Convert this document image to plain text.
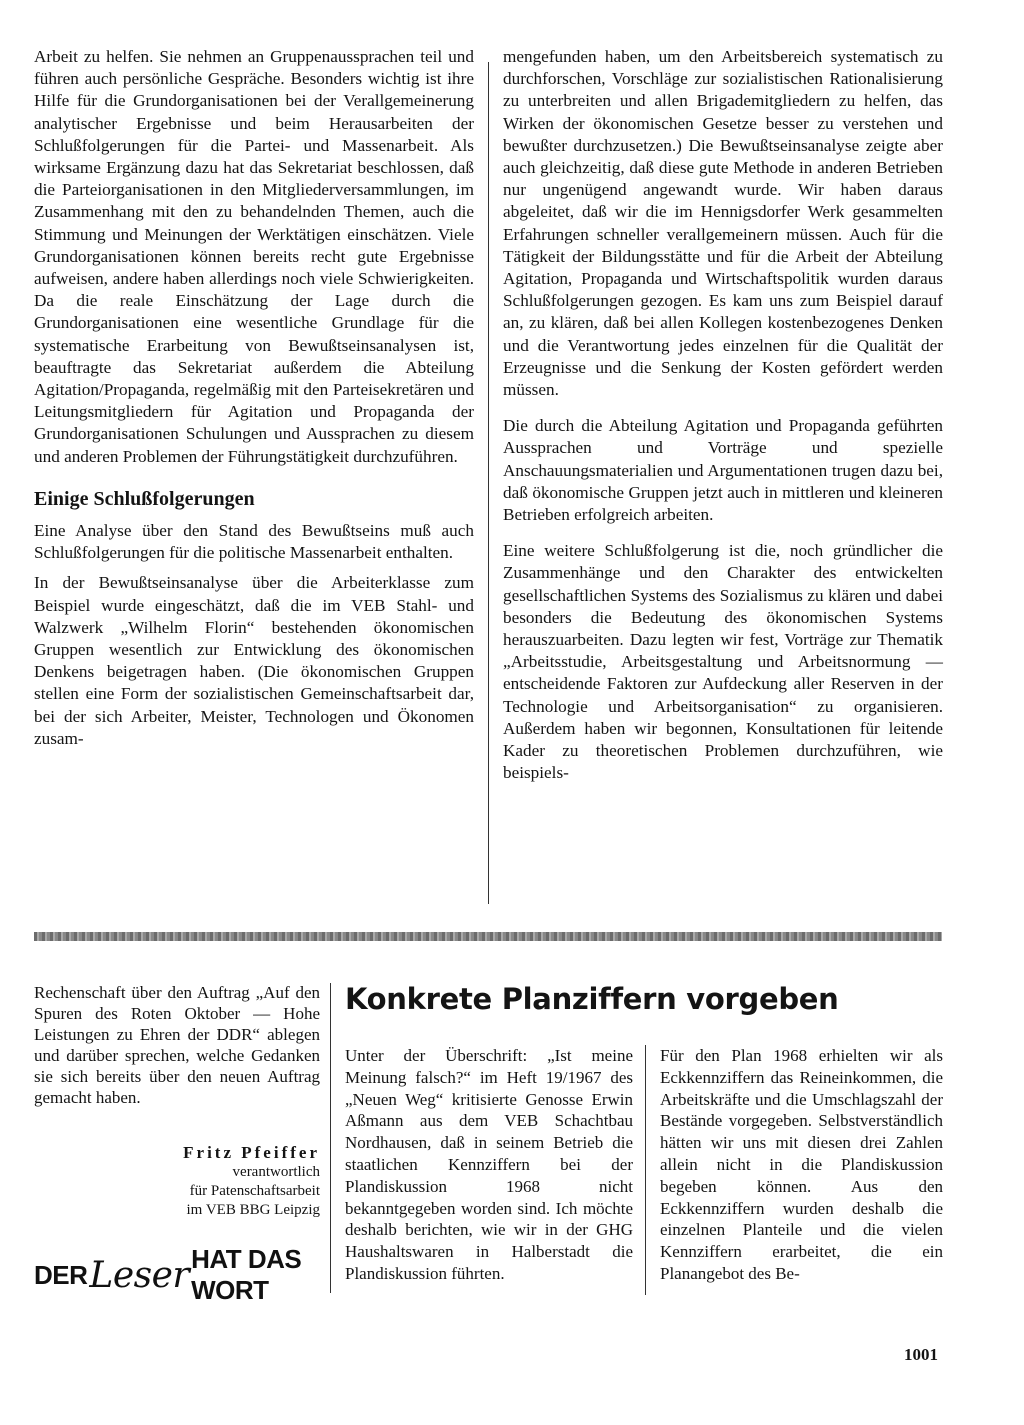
Arbeit zu helfen. Sie nehmen an Gruppenaussprachen teil und führen auch persönliche Gespräche. Besonders wichtig ist ihre Hilfe für die Grundorganisationen bei der Verallgemeinerung analytischer Ergebnisse und beim Herausarbeiten der Schlußfolgerungen für die Partei- und Massenarbeit. Als wirksame Ergänzung dazu hat das Sekretariat beschlossen, daß die Parteiorganisationen in den Mitgliederversammlungen, im Zusammenhang mit den zu behandelnden Themen, auch die Stimmung und Meinungen der Werktätigen einschätzen. Viele Grundorganisationen können bereits recht gute Ergebnisse aufweisen, andere haben allerdings noch viele Schwierigkeiten. Da die reale Einschätzung der Lage durch die Grundorganisationen eine wesentliche Grundlage für die systematische Erarbeitung von Bewußtseinsanalysen ist, beauftragte das Sekretariat außerdem die Abteilung Agitation/Propaganda, regelmäßig mit den Parteisekretären und Leitungsmitgliedern für Agitation und Propaganda der Grundorganisationen Schulungen und Aussprachen zu diesem und anderen Problemen der Führungstätigkeit durchzuführen.

Einige Schlußfolgerungen

Eine Analyse über den Stand des Bewußtseins muß auch Schlußfolgerungen für die politische Massenarbeit enthalten.

In der Bewußtseinsanalyse über die Arbeiterklasse zum Beispiel wurde eingeschätzt, daß die im VEB Stahl- und Walzwerk „Wilhelm Florin“ bestehenden ökonomischen Gruppen wesentlich zur Entwicklung des ökonomischen Denkens beigetragen haben. (Die ökonomischen Gruppen stellen eine Form der sozialistischen Gemeinschaftsarbeit dar, bei der sich Arbeiter, Meister, Technologen und Ökonomen zusam-

mengefunden haben, um den Arbeitsbereich systematisch zu durchforschen, Vorschläge zur sozialistischen Rationalisierung zu unterbreiten und allen Brigademitgliedern zu helfen, das Wirken der ökonomischen Gesetze besser zu verstehen und bewußter durchzusetzen.) Die Bewußtseinsanalyse zeigte aber auch gleichzeitig, daß diese gute Methode in anderen Betrieben nur ungenügend angewandt wurde. Wir haben daraus abgeleitet, daß wir die im Hennigsdorfer Werk gesammelten Erfahrungen schneller verallgemeinern müssen. Auch für die Tätigkeit der Bildungsstätte und für die Arbeit der Abteilung Agitation, Propaganda und Wirtschaftspolitik wurden daraus Schlußfolgerungen gezogen. Es kam uns zum Beispiel darauf an, zu klären, daß bei allen Kollegen kostenbezogenes Denken und die Verantwortung jedes einzelnen für die Qualität der Erzeugnisse und die Senkung der Kosten gefördert werden müssen.

Die durch die Abteilung Agitation und Propaganda geführten Aussprachen und Vorträge und spezielle Anschauungsmaterialien und Argumentationen trugen dazu bei, daß ökonomische Gruppen jetzt auch in mittleren und kleineren Betrieben erfolgreich arbeiten.

Eine weitere Schlußfolgerung ist die, noch gründlicher die Zusammenhänge und den Charakter des entwickelten gesellschaftlichen Systems des Sozialismus zu klären und dabei besonders die Bedeutung des ökonomischen Systems herauszuarbeiten. Dazu legten wir fest, Vorträge zur Thematik „Arbeitsstudie, Arbeitsgestaltung und Arbeitsnormung — entscheidende Faktoren zur Aufdeckung aller Reserven in der Technologie und Arbeitsorganisation“ zu organisieren. Außerdem haben wir begonnen, Konsultationen für leitende Kader zu theoretischen Problemen durchzuführen, wie beispiels-

Rechenschaft über den Auftrag „Auf den Spuren des Roten Oktober — Hohe Leistungen zu Ehren der DDR“ ablegen und darüber sprechen, welche Gedanken sie sich bereits über den neuen Auftrag gemacht haben.
Fritz Pfeiffer
verantwortlich
für Patenschaftsarbeit
im VEB BBG Leipzig
DER Leser HAT DAS WORT
Konkrete Planziffern vorgeben

Unter der Überschrift: „Ist meine Meinung falsch?“ im Heft 19/1967 des „Neuen Weg“ kritisierte Genosse Erwin Aßmann aus dem VEB Schachtbau Nordhausen, daß in seinem Betrieb die staatlichen Kennziffern bei der Plandiskussion 1968 nicht bekanntgegeben worden sind. Ich möchte deshalb berichten, wie wir in der GHG Haushaltswaren in Halberstadt die Plandiskussion führten.

Für den Plan 1968 erhielten wir als Eckkennziffern das Reineinkommen, die Arbeitskräfte und die Umschlagszahl der Bestände vorgegeben. Selbstverständlich hätten wir uns mit diesen drei Zahlen allein nicht in die Plandiskussion begeben können. Aus den Eckkennziffern wurden deshalb die einzelnen Planteile und die vielen Kennziffern erarbeitet, die ein Planangebot des Be-

1001
